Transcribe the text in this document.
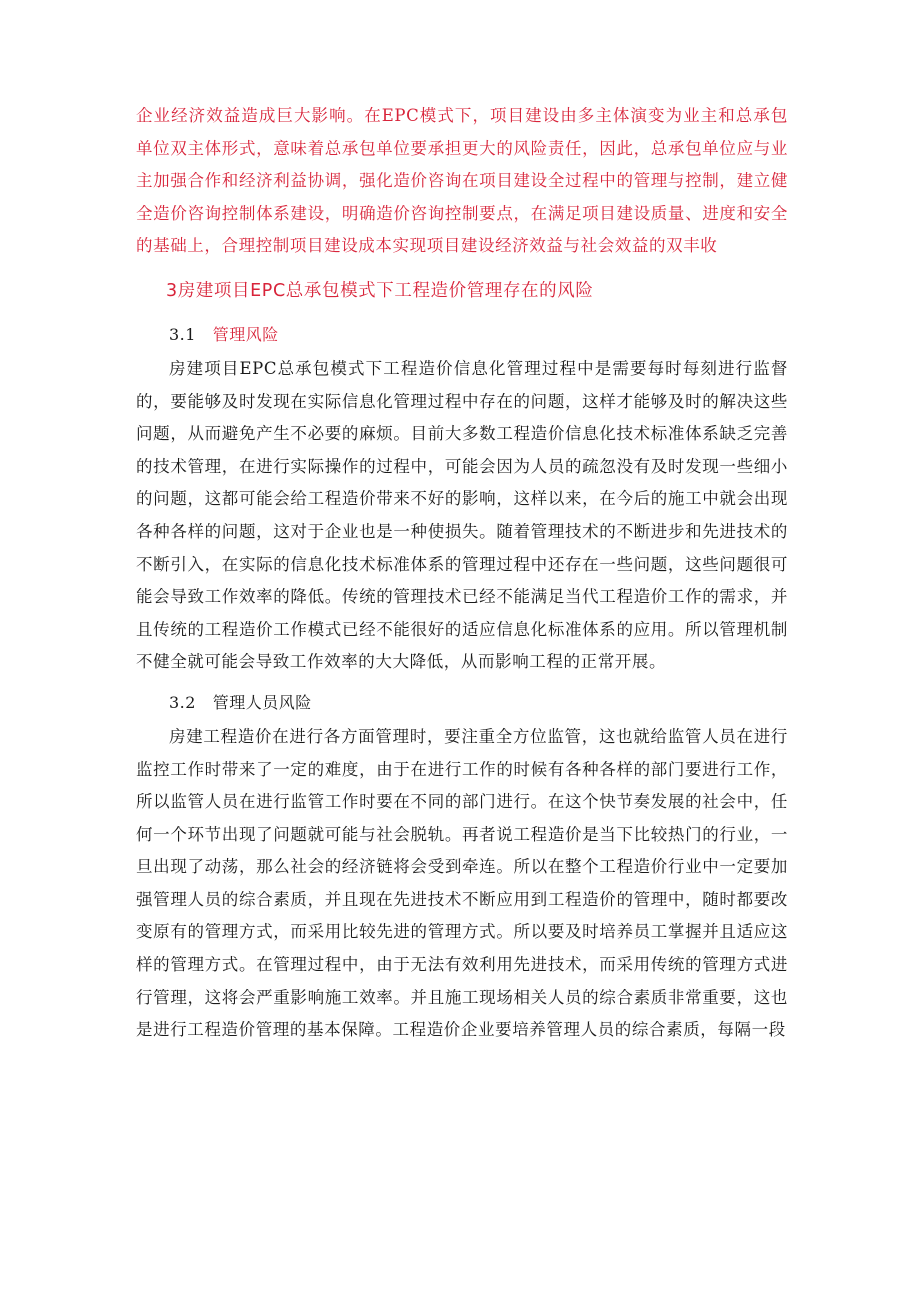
企业经济效益造成巨大影响。在EPC模式下，项目建设由多主体演变为业主和总承包单位双主体形式，意味着总承包单位要承担更大的风险责任，因此，总承包单位应与业主加强合作和经济利益协调，强化造价咨询在项目建设全过程中的管理与控制，建立健全造价咨询控制体系建设，明确造价咨询控制要点，在满足项目建设质量、进度和安全的基础上，合理控制项目建设成本实现项目建设经济效益与社会效益的双丰收

3房建项目EPC总承包模式下工程造价管理存在的风险
3.1 管理风险

房建项目EPC总承包模式下工程造价信息化管理过程中是需要每时每刻进行监督的，要能够及时发现在实际信息化管理过程中存在的问题，这样才能够及时的解决这些问题，从而避免产生不必要的麻烦。目前大多数工程造价信息化技术标准体系缺乏完善的技术管理，在进行实际操作的过程中，可能会因为人员的疏忽没有及时发现一些细小的问题，这都可能会给工程造价带来不好的影响，这样以来，在今后的施工中就会出现各种各样的问题，这对于企业也是一种使损失。随着管理技术的不断进步和先进技术的不断引入，在实际的信息化技术标准体系的管理过程中还存在一些问题，这些问题很可能会导致工作效率的降低。传统的管理技术已经不能满足当代工程造价工作的需求，并且传统的工程造价工作模式已经不能很好的适应信息化标准体系的应用。所以管理机制不健全就可能会导致工作效率的大大降低，从而影响工程的正常开展。

3.2 管理人员风险

房建工程造价在进行各方面管理时，要注重全方位监管，这也就给监管人员在进行监控工作时带来了一定的难度，由于在进行工作的时候有各种各样的部门要进行工作，所以监管人员在进行监管工作时要在不同的部门进行。在这个快节奏发展的社会中，任何一个环节出现了问题就可能与社会脱轨。再者说工程造价是当下比较热门的行业，一旦出现了动荡，那么社会的经济链将会受到牵连。所以在整个工程造价行业中一定要加强管理人员的综合素质，并且现在先进技术不断应用到工程造价的管理中，随时都要改变原有的管理方式，而采用比较先进的管理方式。所以要及时培养员工掌握并且适应这样的管理方式。在管理过程中，由于无法有效利用先进技术，而采用传统的管理方式进行管理，这将会严重影响施工效率。并且施工现场相关人员的综合素质非常重要，这也是进行工程造价管理的基本保障。工程造价企业要培养管理人员的综合素质，每隔一段
